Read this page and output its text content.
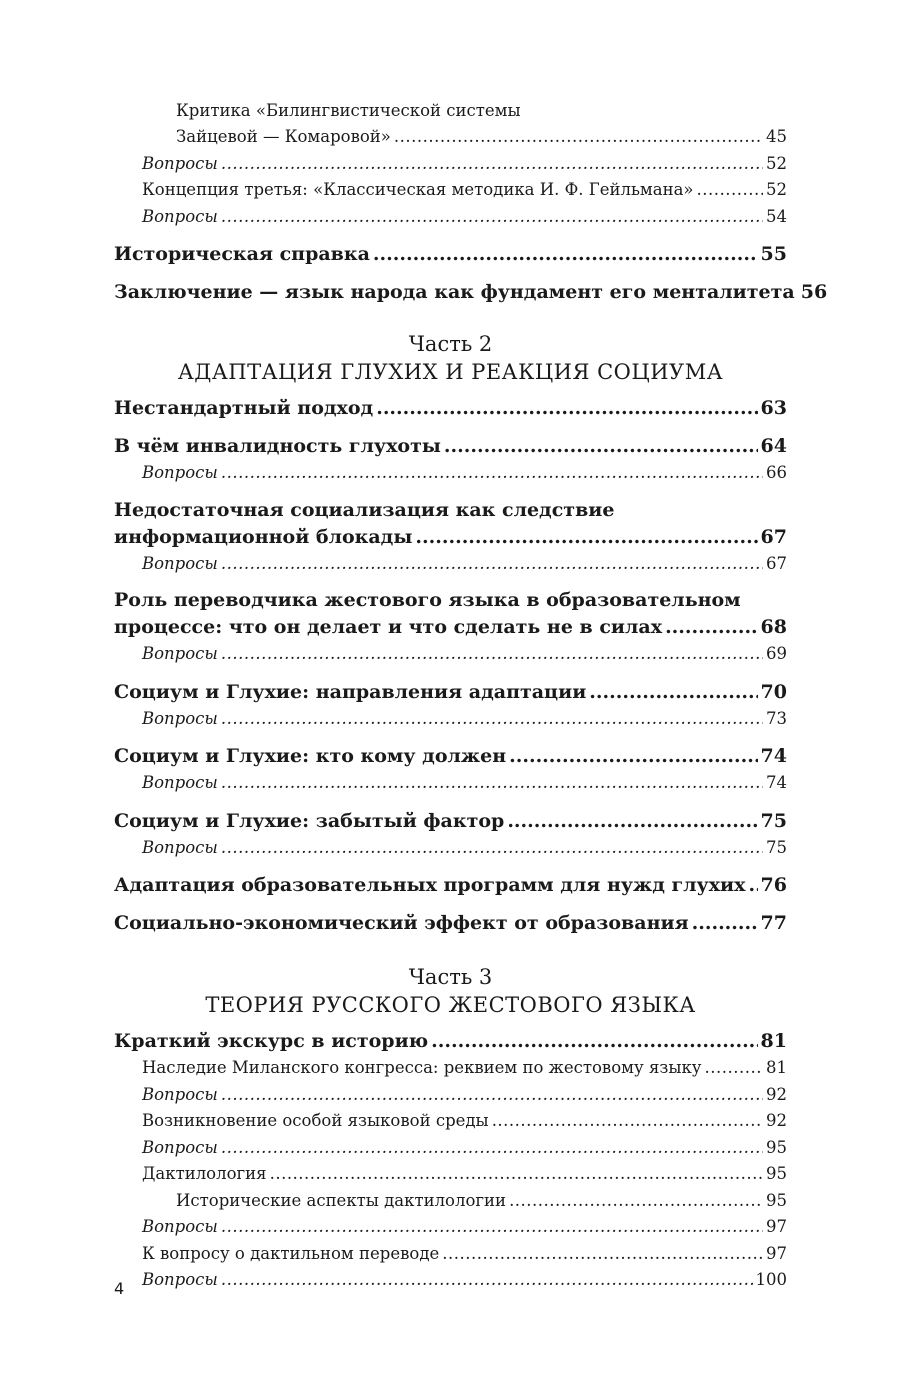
Критика «Билингвистической системы
Зайцевой — Комаровой» .....	45
Вопросы .....	52
Концепция третья: «Классическая методика И. Ф. Гейльмана» .....	52
Вопросы .....	54
Историческая справка .....	55
Заключение — язык народа как фундамент его менталитета 56
Часть 2
АДАПТАЦИЯ ГЛУХИХ И РЕАКЦИЯ СОЦИУМА
Нестандартный подход .....	63
В чём инвалидность глухоты .....	64
Вопросы .....	66
Недостаточная социализация как следствие
информационной блокады .....	67
Вопросы .....	67
Роль переводчика жестового языка в образовательном
процессе: что он делает и что сделать не в силах .....	68
Вопросы .....	69
Социум и Глухие: направления адаптации .....	70
Вопросы .....	73
Социум и Глухие: кто кому должен .....	74
Вопросы .....	74
Социум и Глухие: забытый фактор .....	75
Вопросы .....	75
Адаптация образовательных программ для нужд глухих ..... 76
Социально-экономический эффект от образования .....	77
Часть 3
ТЕОРИЯ РУССКОГО ЖЕСТОВОГО ЯЗЫКА
Краткий экскурс в историю .....	81
Наследие Миланского конгресса: реквием по жестовому языку .....	81
Вопросы .....	92
Возникновение особой языковой среды .....	92
Вопросы .....	95
Дактилология .....	95
Исторические аспекты дактилологии .....	95
Вопросы .....	97
К вопросу о дактильном переводе .....	97
Вопросы .....	100
4
